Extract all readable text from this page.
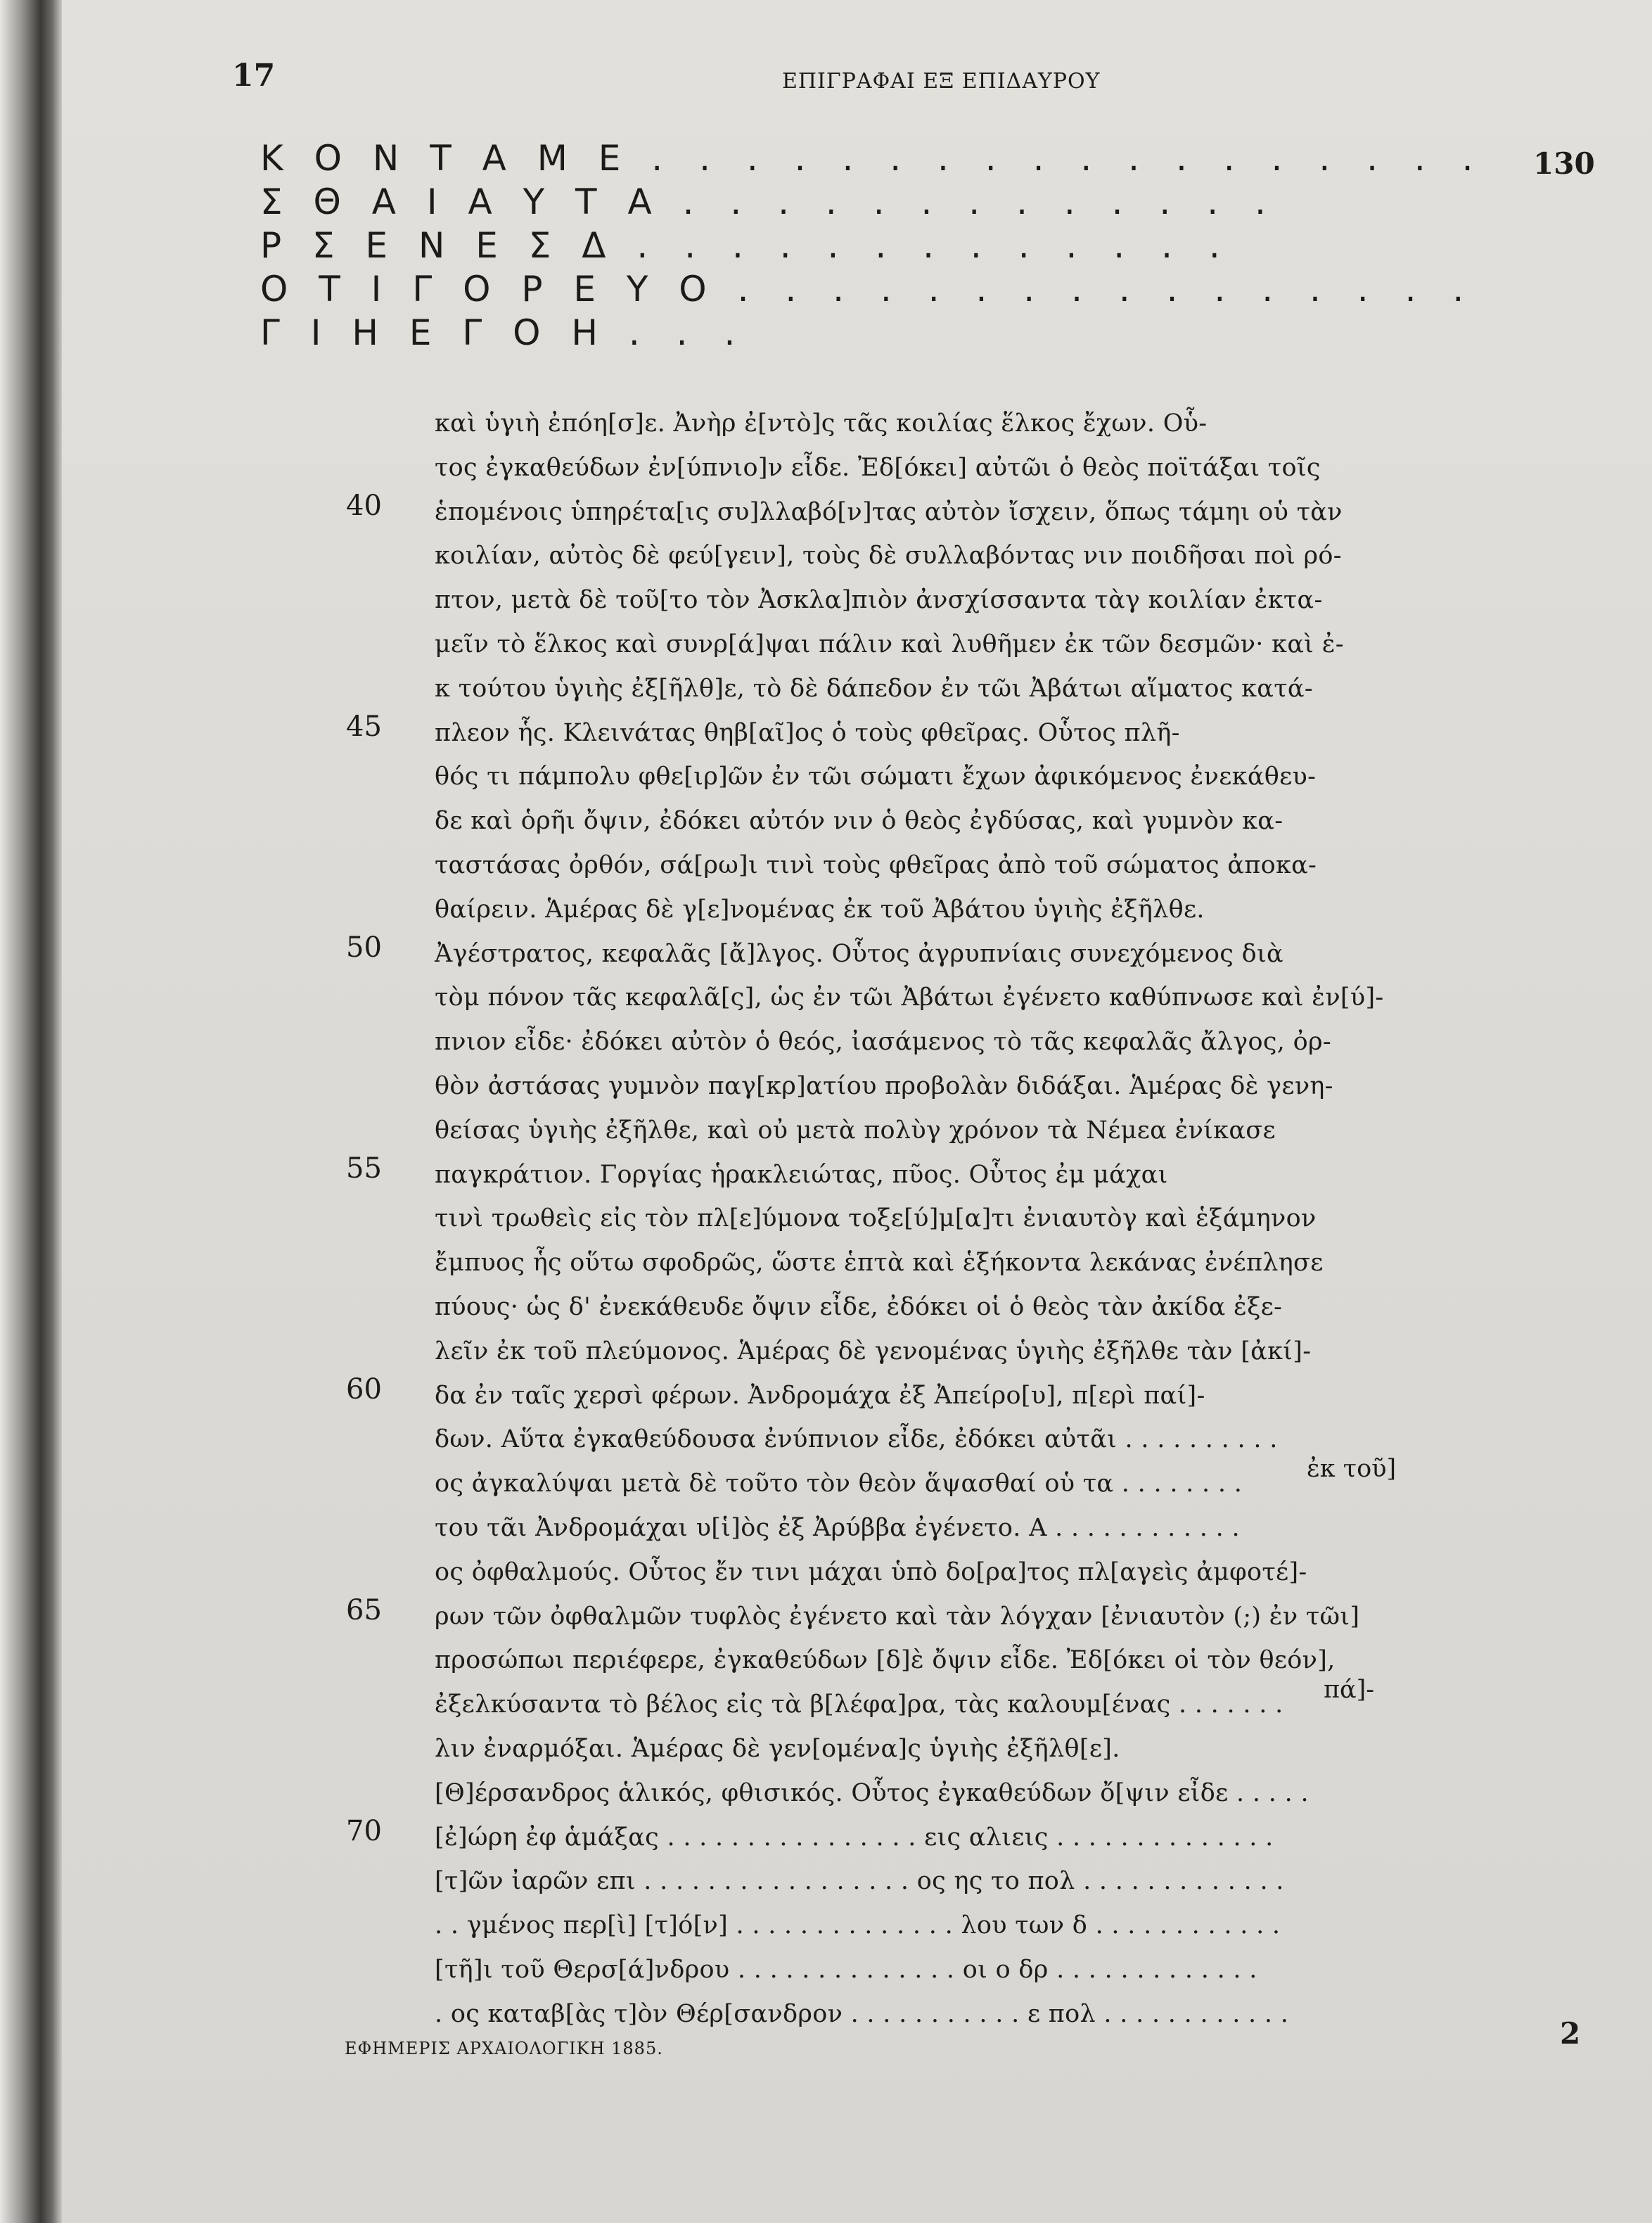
17	ΕΠΙΓΡΑΦΑΙ ΕΞ ΕΠΙΔΑΥΡΟΥ
Κ Ο Ν Τ Α Μ Ε . . . . . . . . . . . . . . . . . .
Σ Θ Α Ι Α Υ Τ Α . . . . . . . . . . . . .
Ρ Σ Ε Ν Ε Σ Δ . . . . . . . . . . . . .
Ο Τ Ι Γ Ο Ρ Ε Υ Ο . . . . . . . . . . . . . . . .
Γ Ι Η Ε Γ Ο Η . . .
130
40
45
50
55
60
65
70
καὶ ὑγιὴ ἐπόη[σ]ε. Ἀνὴρ ἐ[ντὸ]ς τᾶς κοιλίας ἕλκος ἔχων. Οὗ-
τος ἐγκαθεύδων ἐν[ύπνιο]ν εἶδε. Ἐδ[όκει] αὐτῶι ὁ θεὸς ποϊτάξαι τοῖς
ἑπομένοις ὑπηρέτα[ις συ]λλαβό[ν]τας αὐτὸν ἴσχειν, ὅπως τάμηι οὑ τὰν
κοιλίαν, αὐτὸς δὲ φεύ[γειν], τοὺς δὲ συλλαβόντας νιν ποιδῆσαι ποὶ ρό-
πτον, μετὰ δὲ τοῦ[το τὸν Ἀσκλα]πιὸν ἀνσχίσσαντα τὰγ κοιλίαν ἐκτα-
μεῖν τὸ ἕλκος καὶ συνρ[ά]ψαι πάλιν καὶ λυθῆμεν ἐκ τῶν δεσμῶν· καὶ ἐ-
κ τούτου ὑγιὴς ἐξ[ῆλθ]ε, τὸ δὲ δάπεδον ἐν τῶι Ἀβάτωι αἵματος κατά-
πλεον ἧς. Κλειvάτας θηβ[αῖ]ος ὁ τοὺς φθεῖρας. Οὗτος πλῆ-
θός τι πάμπολυ φθε[ιρ]ῶν ἐν τῶι σώματι ἔχων ἀφικόμενος ἐνεκάθευ-
δε καὶ ὁρῆι ὄψιν, ἐδόκει αὐτόν νιν ὁ θεὸς ἐγδύσας, καὶ γυμνὸν κα-
ταστάσας ὀρθόν, σά[ρω]ι τινὶ τοὺς φθεῖρας ἀπὸ τοῦ σώματος ἀποκα-
θαίρειν. Ἁμέρας δὲ γ[ε]νομένας ἐκ τοῦ Ἀβάτου ὑγιὴς ἐξῆλθε.
Ἀγέστρατος, κεφαλᾶς [ἄ]λγος. Οὗτος ἀγρυπνίαις συνεχόμενος διὰ
τὸμ πόνον τᾶς κεφαλᾶ[ς], ὡς ἐν τῶι Ἀβάτωι ἐγένετο καθύπνωσε καὶ ἐν[ύ]-
πνιον εἶδε· ἐδόκει αὐτὸν ὁ θεός, ἰασάμενος τὸ τᾶς κεφαλᾶς ἄλγος, ὀρ-
θὸν ἀστάσας γυμνὸν παγ[κρ]ατίου προβολὰν διδάξαι. Ἁμέρας δὲ γενη-
θείσας ὑγιὴς ἐξῆλθε, καὶ οὐ μετὰ πολὺγ χρόνον τὰ Νέμεα ἐνίκασε
παγκράτιον. Γοργίας ἡρακλειώτας, πῦος. Οὗτος ἐμ μάχαι
τινὶ τρωθεὶς εἰς τὸν πλ[ε]ύμονα τοξε[ύ]μ[α]τι ἐνιαυτὸγ καὶ ἑξάμηνον
ἔμπυος ἧς οὕτω σφοδρῶς, ὥστε ἑπτὰ καὶ ἑξήκοντα λεκάνας ἐνέπλησε
πύους· ὡς δ' ἐνεκάθευδε ὄψιν εἶδε, ἐδόκει οἱ ὁ θεὸς τὰν ἀκίδα ἐξε-
λεῖν ἐκ τοῦ πλεύμονος. Ἁμέρας δὲ γενομένας ὑγιὴς ἐξῆλθε τὰν [ἀκί]-
δα ἐν ταῖς χερσὶ φέρων. Ἀνδρομάχα ἐξ Ἀπείρο[υ], π[ερὶ παί]-
δων. Αὕτα ἐγκαθεύδουσα ἐνύπνιον εἶδε, ἐδόκει αὐτᾶι . . . . . . . . . .
ος ἀγκαλύψαι μετὰ δὲ τοῦτο τὸν θεὸν ἅψασθαί οὑ τα . . . . . . . .
του τᾶι Ἀνδρομάχαι υ[ἱ]ὸς ἐξ Ἀρύββα ἐγένετο. Α . . . . . . . . . . . .
ος ὀφθαλμούς. Οὗτος ἔν τινι μάχαι ὑπὸ δο[ρα]τος πλ[αγεὶς ἀμφοτέ]-
ρων τῶν ὀφθαλμῶν τυφλὸς ἐγένετο καὶ τὰν λόγχαν [ἐνιαυτὸν (;) ἐν τῶι]
προσώπωι περιέφερε, ἐγκαθεύδων [δ]ὲ ὄψιν εἶδε. Ἐδ[όκει οἱ τὸν θεόν],
ἐξελκύσαντα τὸ βέλος εἰς τὰ β[λέφα]ρα, τὰς καλουμ[ένας . . . . . . .
λιν ἐναρμόξαι. Ἁμέρας δὲ γεν[ομένα]ς ὑγιὴς ἐξῆλθ[ε].
[Θ]έρσανδρος ἁλικός, φθισικός. Οὗτος ἐγκαθεύδων ὄ[ψιν εἶδε . . . . .
[ἐ]ώρη ἐφ ἁμάξας . . . . . . . . . . . . . . . . εις αλιεις . . . . . . . . . . . . . .
[τ]ῶν ἰαρῶν επι . . . . . . . . . . . . . . . . . ος ης το πολ . . . . . . . . . . . . .
. . γμένος περ[ὶ] [τ]ό[ν] . . . . . . . . . . . . . . λου των δ . . . . . . . . . . . .
[τῆ]ι τοῦ Θερσ[ά]νδρου . . . . . . . . . . . . . . οι ο δρ . . . . . . . . . . . . .
. ος καταβ[ὰς τ]ὸν Θέρ[σανδρον . . . . . . . . . . . ε πολ . . . . . . . . . . . .
ἐκ τοῦ]
πά]-
2
ΕΦΗΜΕΡΙΣ ΑΡΧΑΙΟΛΟΓΙΚΗ 1885.
